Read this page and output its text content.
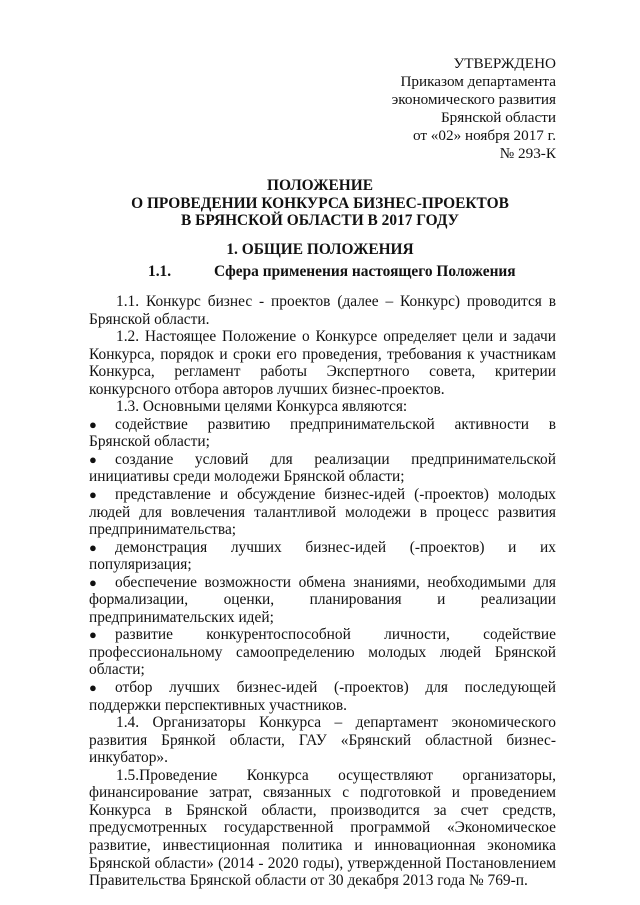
УТВЕРЖДЕНО
Приказом департамента
экономического развития
Брянской области
от «02» ноября 2017 г.
№ 293-К
ПОЛОЖЕНИЕ
О ПРОВЕДЕНИИ КОНКУРСА БИЗНЕС-ПРОЕКТОВ
В БРЯНСКОЙ ОБЛАСТИ В 2017 ГОДУ
1. ОБЩИЕ ПОЛОЖЕНИЯ
1.1.	Сфера применения настоящего Положения

1.1. Конкурс бизнес - проектов (далее – Конкурс) проводится в Брянской области.

1.2. Настоящее Положение о Конкурсе определяет цели и задачи Конкурса, порядок и сроки его проведения, требования к участникам Конкурса, регламент работы Экспертного совета, критерии конкурсного отбора авторов лучших бизнес-проектов.

1.3. Основными целями Конкурса являются:

● содействие развитию предпринимательской активности в Брянской области;
● создание условий для реализации предпринимательской инициативы среди молодежи Брянской области;
● представление и обсуждение бизнес-идей (-проектов) молодых людей для вовлечения талантливой молодежи в процесс развития предпринимательства;
● демонстрация лучших бизнес-идей (-проектов) и их популяризация;
● обеспечение возможности обмена знаниями, необходимыми для формализации, оценки, планирования и реализации предпринимательских идей;
● развитие конкурентоспособной личности, содействие профессиональному самоопределению молодых людей Брянской области;
● отбор лучших бизнес-идей (-проектов) для последующей поддержки перспективных участников.

1.4. Организаторы Конкурса – департамент экономического развития Брянкой области, ГАУ «Брянский областной бизнес-инкубатор».

1.5.Проведение Конкурса осуществляют организаторы, финансирование затрат, связанных с подготовкой и проведением Конкурса в Брянской области, производится за счет средств, предусмотренных государственной программой «Экономическое развитие, инвестиционная политика и инновационная экономика Брянской области» (2014 - 2020 годы), утвержденной Постановлением Правительства Брянской области от 30 декабря 2013 года № 769-п.
